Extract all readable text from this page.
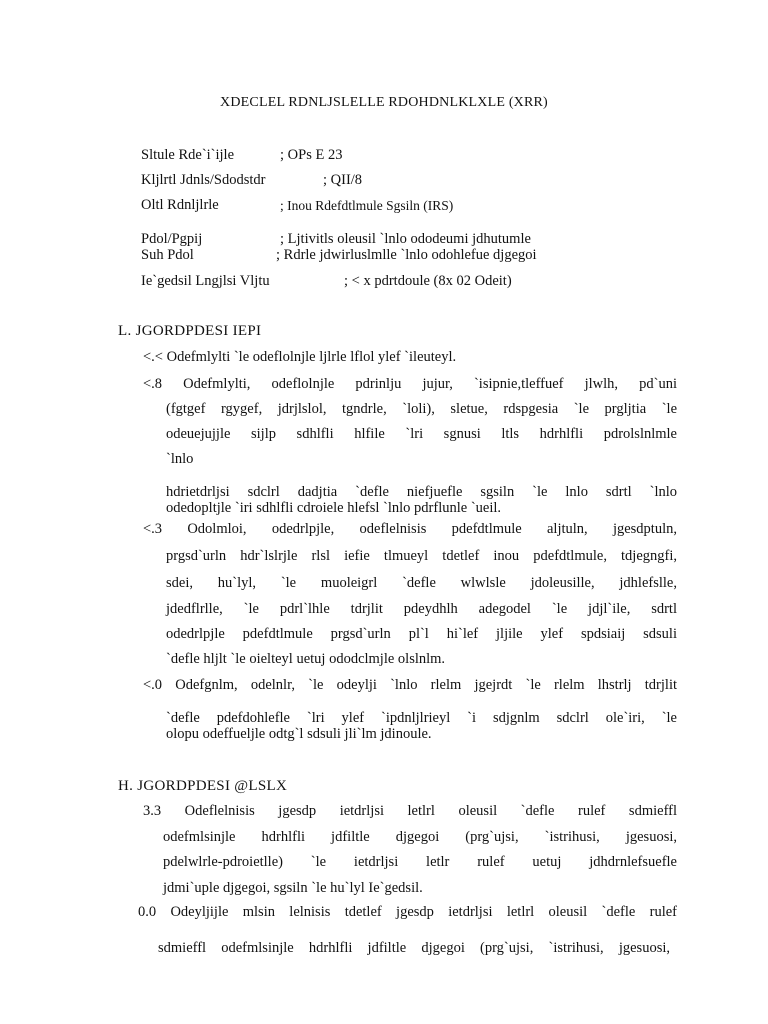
XDECLEL RDNLJSLELLE RDOHDNLKLXLE (XRR)
Sltule Rde`i`ijle	; OPs E 23
Kljlrtl Jdnls/Sdodstdr	; QII/8
Oltl Rdnljlrle	; Inou Rdefdtlmule Sgsiln (IRS)
Pdol/Pgpij	; Ljtivitls oleusil `lnlo ododeumi jdhutumle
Suh Pdol	; Rdrle jdwirluslmlle `lnlo odohlefue djgegoi
Ie`gedsil Lngjlsi Vljtu	; < x pdrtdoule (8x 02 Odeit)
L. JGORDPDESI IEPI
<.< Odefmlylti `le odeflolnjle ljlrle lflol ylef `ileuteyl.
<.8 Odefmlylti, odeflolnjle pdrinlju jujur, `isipnie,tleffuef jlwlh, pd`uni
(fgtgef rgygef, jdrjlslol, tgndrle, `loli), sletue, rdspgesia `le prgljtia `le
odeuejujjle sijlp sdhlfli hlfile `lri sgnusi ltls hdrhlfli pdrolslnlmle
`lnlo
hdrietdrljsi sdclrl dadjtia `defle niefjuefle sgsiln `le lnlo sdrtl `lnlo
odedopltjle `iri sdhlfli cdroiele hlefsl `lnlo pdrflunle `ueil.
<.3 Odolmloi, odedrlpjle, odeflelnisis pdefdtlmule aljtuln, jgesdptuln,
prgsd`urln hdr`lslrjle rlsl iefie tlmueyl tdetlef inou pdefdtlmule, tdjegngfi,
sdei, hu`lyl, `le muoleigrl `defle wlwlsle jdoleusille, jdhlefslle,
jdedflrlle, `le pdrl`lhle tdrjlit pdeydhlh adegodel `le jdjl`ile, sdrtl
odedrlpjle pdefdtlmule prgsd`urln pl`l hi`lef jljile ylef spdsiaij sdsuli
`defle hljlt `le oielteyl uetuj ododclmjle olslnlm.
<.0 Odefgnlm, odelnlr, `le odeylji `lnlo rlelm jgejrdt `le rlelm lhstrlj tdrjlit
`defle pdefdohlefle `lri ylef `ipdnljlrieyl `i sdjgnlm sdclrl ole`iri, `le
olopu odeffueljle odtg`l sdsuli jli`lm jdinoule.
H. JGORDPDESI @LSLX
3.3 Odeflelnisis jgesdp ietdrljsi letlrl oleusil `defle rulef sdmieffl
odefmlsinjle hdrhlfli jdfiltle djgegoi (prg`ujsi, `istrihusi, jgesuosi,
pdelwlrle-pdroietlle) `le ietdrljsi letlr rulef uetuj jdhdrnlefsuefle
jdmi`uple djgegoi, sgsiln `le hu`lyl Ie`gedsil.
0.0 Odeyljijle mlsin lelnisis tdetlef jgesdp ietdrljsi letlrl oleusil `defle rulef
sdmieffl odefmlsinjle hdrhlfli jdfiltle djgegoi (prg`ujsi, `istrihusi, jgesuosi,
